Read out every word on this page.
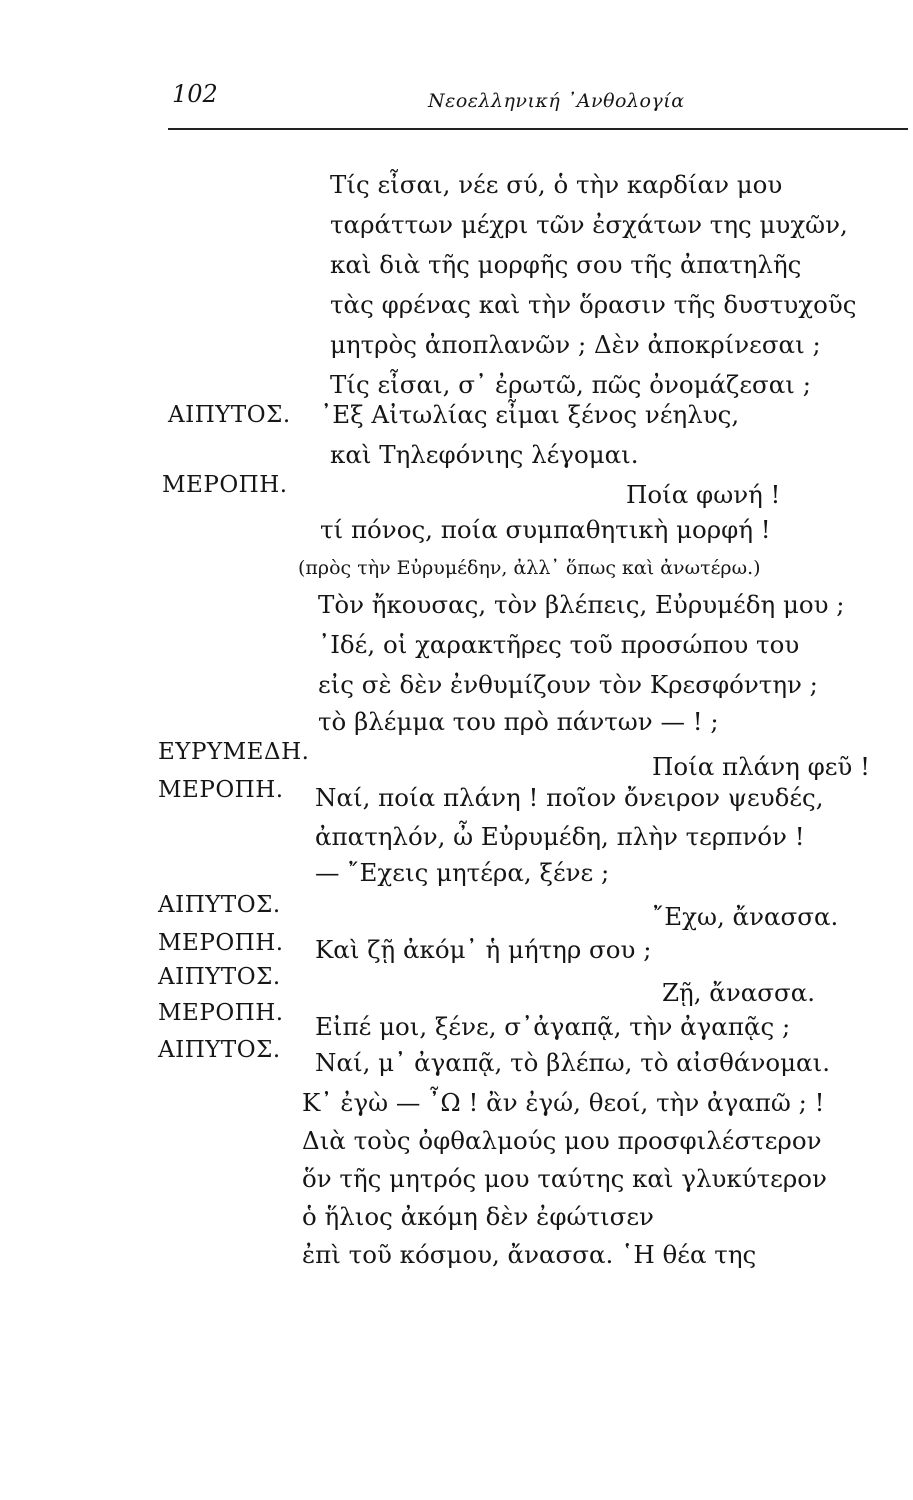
102	Νεοελληνική ᾿Ανθολογία
Τίς εἶσαι, νέε σύ, ὁ τὴν καρδίαν μου
ταράττων μέχρι τῶν ἐσχάτων της μυχῶν,
καὶ διὰ τῆς μορφῆς σου τῆς ἀπατηλῆς
τὰς φρένας καὶ τὴν ὅρασιν τῆς δυστυχοῦς
μητρὸς ἀποπλανῶν ; Δὲν ἀποκρίνεσαι ;
Τίς εἶσαι, σ᾿ ἐρωτῶ, πῶς ὀνομάζεσαι ;
ΑΙΠΥΤΟΣ. ᾿Εξ Αἰτωλίας εἶμαι ξένος νέηλυς,
καὶ Τηλεφόνιης λέγομαι.
ΜΕΡΟΠΗ.	Ποία φωνή !
τί πόνος, ποία συμπαθητικὴ μορφή !
(πρὸς τὴν Εὐρυμέδην, ἀλλ᾿ ὅπως καὶ ἀνωτέρω.)
Τὸν ἤκουσας, τὸν βλέπεις, Εὐρυμέδη μου ;
᾿Ιδέ, οἱ χαρακτῆρες τοῦ προσώπου του
εἰς σὲ δὲν ἐνθυμίζουν τὸν Κρεσφόντην ;
τὸ βλέμμα του πρὸ πάντων — ! ;
ΕΥΡΥΜΕΔΗ.	Ποία πλάνη φεῦ !
ΜΕΡΟΠΗ. Ναί, ποία πλάνη ! ποῖον ὄνειρον ψευδές,
ἀπατηλόν, ὦ Εὐρυμέδη, πλὴν τερπνόν !
— ῎Εχεις μητέρα, ξένε ;
ΑΙΠΥΤΟΣ.	῎Εχω, ἄνασσα.
ΜΕΡΟΠΗ. Καὶ ζῇ ἀκόμ᾿ ἡ μήτηρ σου ;
ΑΙΠΥΤΟΣ.
Ζῇ, ἄνασσα.
ΜΕΡΟΠΗ. Εἰπέ μοι, ξένε, σ᾿ἀγαπᾷ, τὴν ἀγαπᾷς ;
ΑΙΠΥΤΟΣ. Ναί, μ᾿ ἀγαπᾷ, τὸ βλέπω, τὸ αἰσθάνομαι.
Κ᾿ ἐγὼ — ῏Ω ! ἂν ἐγώ, θεοί, τὴν ἀγαπῶ ; !
Διὰ τοὺς ὀφθαλμούς μου προσφιλέστερον
ὅν τῆς μητρός μου ταύτης καὶ γλυκύτερον
ὁ ἥλιος ἀκόμη δὲν ἐφώτισεν
ἐπὶ τοῦ κόσμου, ἄνασσα. ῾Η θέα της
